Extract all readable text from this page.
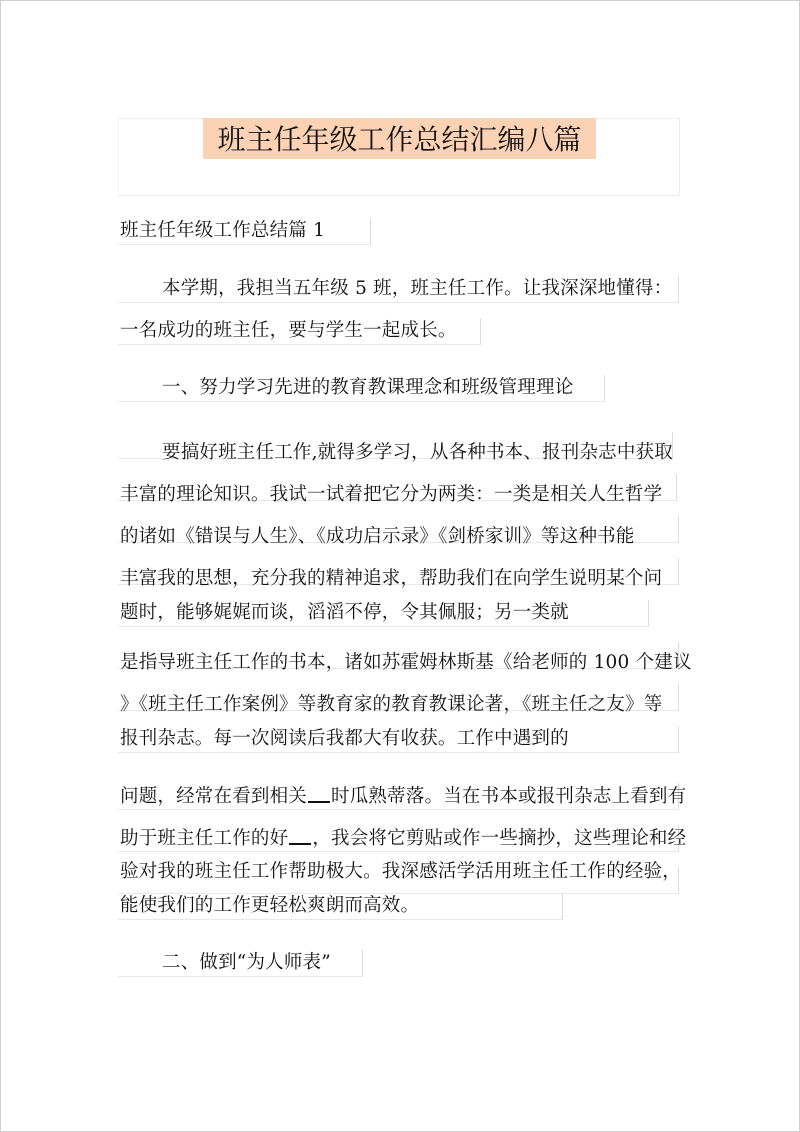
班主任年级工作总结汇编八篇
班主任年级工作总结篇 1
本学期，我担当五年级 5 班，班主任工作。让我深深地懂得：
一名成功的班主任，要与学生一起成长。
一、努力学习先进的教育教课理念和班级管理理论
要搞好班主任工作,就得多学习，从各种书本、报刊杂志中获取
丰富的理论知识。我试一试着把它分为两类：一类是相关人生哲学
的诸如《错误与人生》、《成功启示录》《剑桥家训》等这种书能
丰富我的思想，充分我的精神追求，帮助我们在向学生说明某个问
题时，能够娓娓而谈，滔滔不停，令其佩服；另一类就
是指导班主任工作的书本，诸如苏霍姆林斯基《给老师的 100 个建议
》《班主任工作案例》等教育家的教育教课论著，《班主任之友》等
报刊杂志。每一次阅读后我都大有收获。工作中遇到的
问题，经常在看到相关 时瓜熟蒂落。当在书本或报刊杂志上看到有
助于班主任工作的好 ，我会将它剪贴或作一些摘抄，这些理论和经
验对我的班主任工作帮助极大。我深感活学活用班主任工作的经验，
能使我们的工作更轻松爽朗而高效。
二、做到“为人师表”
